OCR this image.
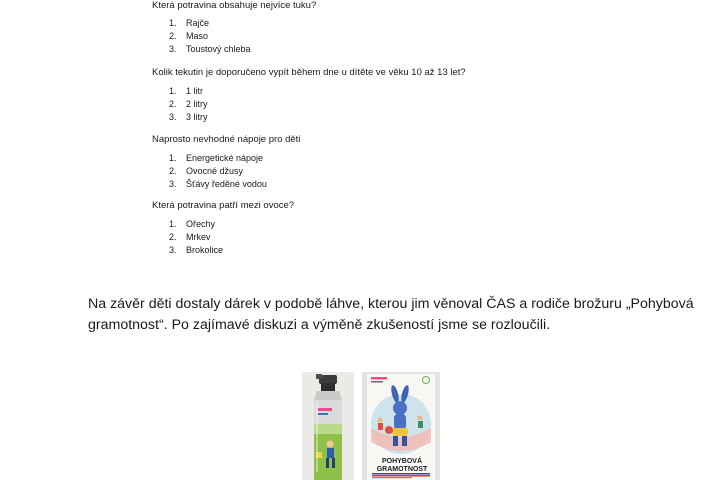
Která potravina obsahuje nejvíce tuku?

1. Rajče
2. Maso
3. Toustový chleba

Kolik tekutin je doporučeno vypít během dne u dítěte ve věku 10 až 13 let?

1. 1 litr
2. 2 litry
3. 3 litry

Naprosto nevhodné nápoje pro děti

1. Energetické nápoje
2. Ovocné džusy
3. Šťávy ředěné vodou

Která potravina patří mezi ovoce?

1. Ořechy
2. Mrkev
3. Brokolice

Na závěr děti dostaly dárek v podobě láhve, kterou jim věnoval ČAS a rodiče brožuru „Pohybová gramotnost“. Po zajímavé diskuzi a výměně zkušeností jsme se rozloučili.

POHYBOVÁ
GRAMOTNOST
